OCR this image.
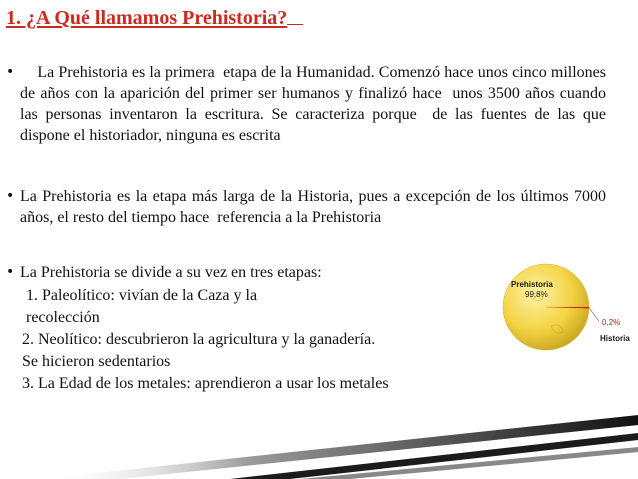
1. ¿A Qué llamamos Prehistoria?
• La Prehistoria es la primera  etapa de la Humanidad. Comenzó hace unos cinco millones de años con la aparición del primer ser humanos y finalizó hace  unos 3500 años cuando las personas inventaron la escritura. Se caracteriza porque  de las fuentes de las que dispone el historiador, ninguna es escrita
• La Prehistoria es la etapa más larga de la Historia, pues a excepción de los últimos 7000 años, el resto del tiempo hace  referencia a la Prehistoria
• La Prehistoria se divide a su vez en tres etapas:
1. Paleolítico: vivían de la Caza y la
recolección
2. Neolítico: descubrieron la agricultura y la ganadería.
Se hicieron sedentarios
3. La Edad de los metales: aprendieron a usar los metales
Prehistoria
99,8%
0,2%
Historia
